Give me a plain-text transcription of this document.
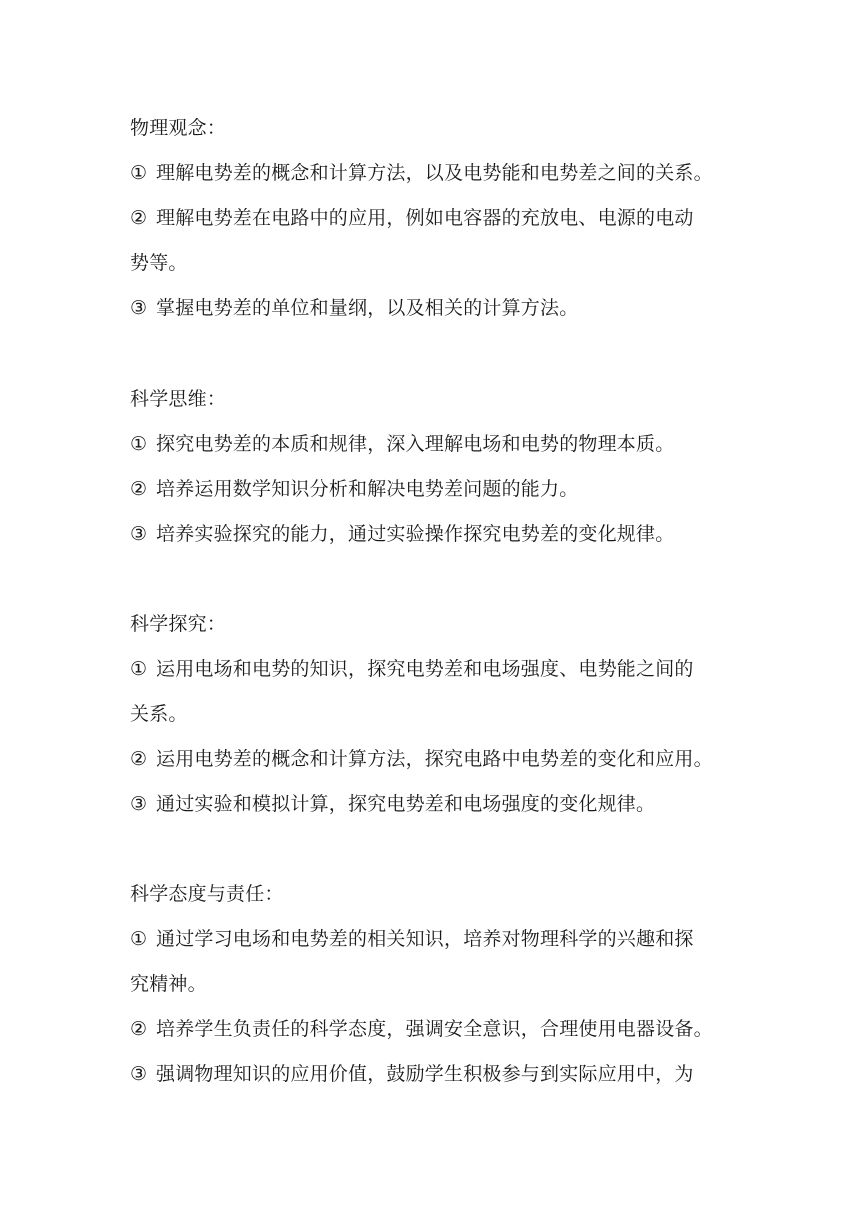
物理观念：
① 理解电势差的概念和计算方法，以及电势能和电势差之间的关系。
② 理解电势差在电路中的应用，例如电容器的充放电、电源的电动
势等。
③ 掌握电势差的单位和量纲，以及相关的计算方法。
科学思维：
① 探究电势差的本质和规律，深入理解电场和电势的物理本质。
② 培养运用数学知识分析和解决电势差问题的能力。
③ 培养实验探究的能力，通过实验操作探究电势差的变化规律。
科学探究：
① 运用电场和电势的知识，探究电势差和电场强度、电势能之间的
关系。
② 运用电势差的概念和计算方法，探究电路中电势差的变化和应用。
③ 通过实验和模拟计算，探究电势差和电场强度的变化规律。
科学态度与责任：
① 通过学习电场和电势差的相关知识，培养对物理科学的兴趣和探
究精神。
② 培养学生负责任的科学态度，强调安全意识，合理使用电器设备。
③ 强调物理知识的应用价值，鼓励学生积极参与到实际应用中，为
